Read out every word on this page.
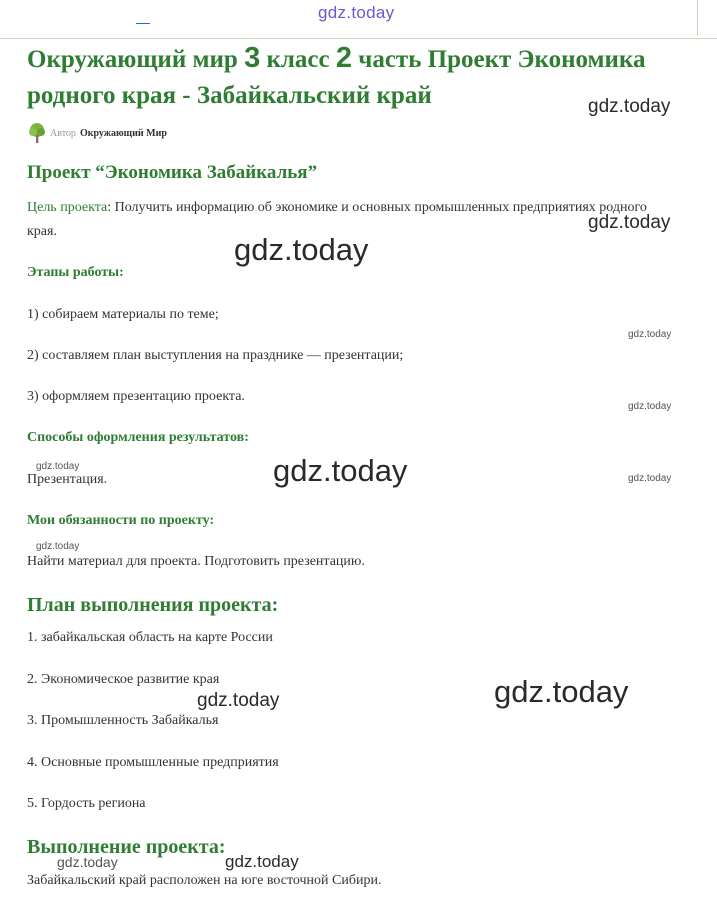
gdz.today
Окружающий мир 3 класс 2 часть Проект Экономика родного края - Забайкальский край
Автор Окружающий Мир
Проект “Экономика Забайкалья”
Цель проекта: Получить информацию об экономике и основных промышленных предприятиях родного края.
Этапы работы:
1) собираем материалы по теме;
2) составляем план выступления на празднике — презентации;
3) оформляем презентацию проекта.
Способы оформления результатов:
Презентация.
Мои обязанности по проекту:
Найти материал для проекта. Подготовить презентацию.
План выполнения проекта:
1. забайкальская область на карте России
2. Экономическое развитие края
3. Промышленность Забайкалья
4. Основные промышленные предприятия
5. Гордость региона
Выполнение проекта:
Забайкальский край расположен на юге восточной Сибири.
gdz.today
gdz.today
gdz.today
gdz.today
gdz.today
gdz.today	gdz.today	gdz.today
gdz.today
gdz.today
gdz.today
gdz.today	gdz.today
